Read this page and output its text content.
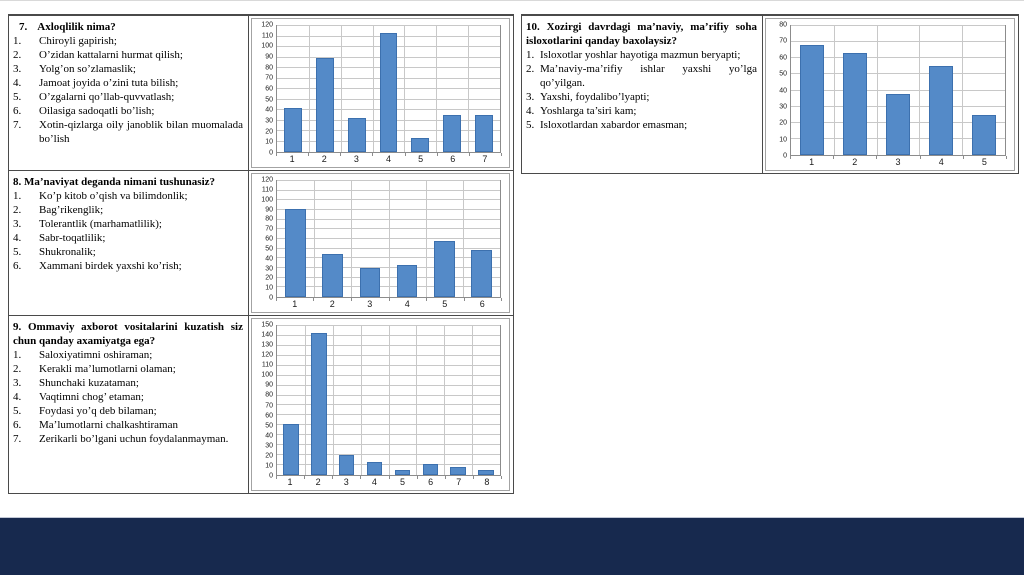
7. Axloqlilik nima?
1.	Chiroyli gapirish;
2.	O’zidan kattalarni hurmat qilish;
3.	Yolg’on so’zlamaslik;
4.	Jamoat joyida o’zini tuta bilish;
5.	O’zgalarni qo’llab-quvvatlash;
6.	Oilasiga sadoqatli bo’lish;
7.	Xotin-qizlarga oily janoblik bilan muomalada bo’lish
0
10
20
30
40
50
60
70
80
90
100
110
120
1	2	3	4	5	6	7
8. Ma’naviyat deganda nimani tushunasiz?
1.	Ko’p kitob o’qish va bilimdonlik;
2.	Bag’rikenglik;
3.	Tolerantlik (marhamatlilik);
4.	Sabr-toqatlilik;
5.	Shukronalik;
6.	Xammani birdek yaxshi ko’rish;
0
10
20
30
40
50
60
70
80
90
100
110
120
1	2	3	4	5	6
9. Ommaviy axborot vositalarini kuzatish siz chun qanday axamiyatga ega?
1.	Saloxiyatimni oshiraman;
2.	Kerakli ma’lumotlarni olaman;
3.	Shunchaki kuzataman;
4.	Vaqtimni chog’ etaman;
5.	Foydasi yo’q deb bilaman;
6.	Ma’lumotlarni chalkashtiraman
7.	Zerikarli bo’lgani uchun foydalanmayman.
0
10
20
30
40
50
60
70
80
90
100
110
120
130
140
150
1	2	3	4	5	6	7	8
10. Xozirgi davrdagi ma’naviy, ma’rifiy soha isloxotlarini qanday baxolaysiz?
1. Isloxotlar yoshlar hayotiga mazmun beryapti;
2. Ma’naviy-ma’rifiy ishlar yaxshi yo’lga qo’yilgan.
3. Yaxshi, foydalibo’lyapti;
4. Yoshlarga ta’siri kam;
5. Isloxotlardan xabardor emasman;
0
10
20
30
40
50
60
70
80
1	2	3	4	5
